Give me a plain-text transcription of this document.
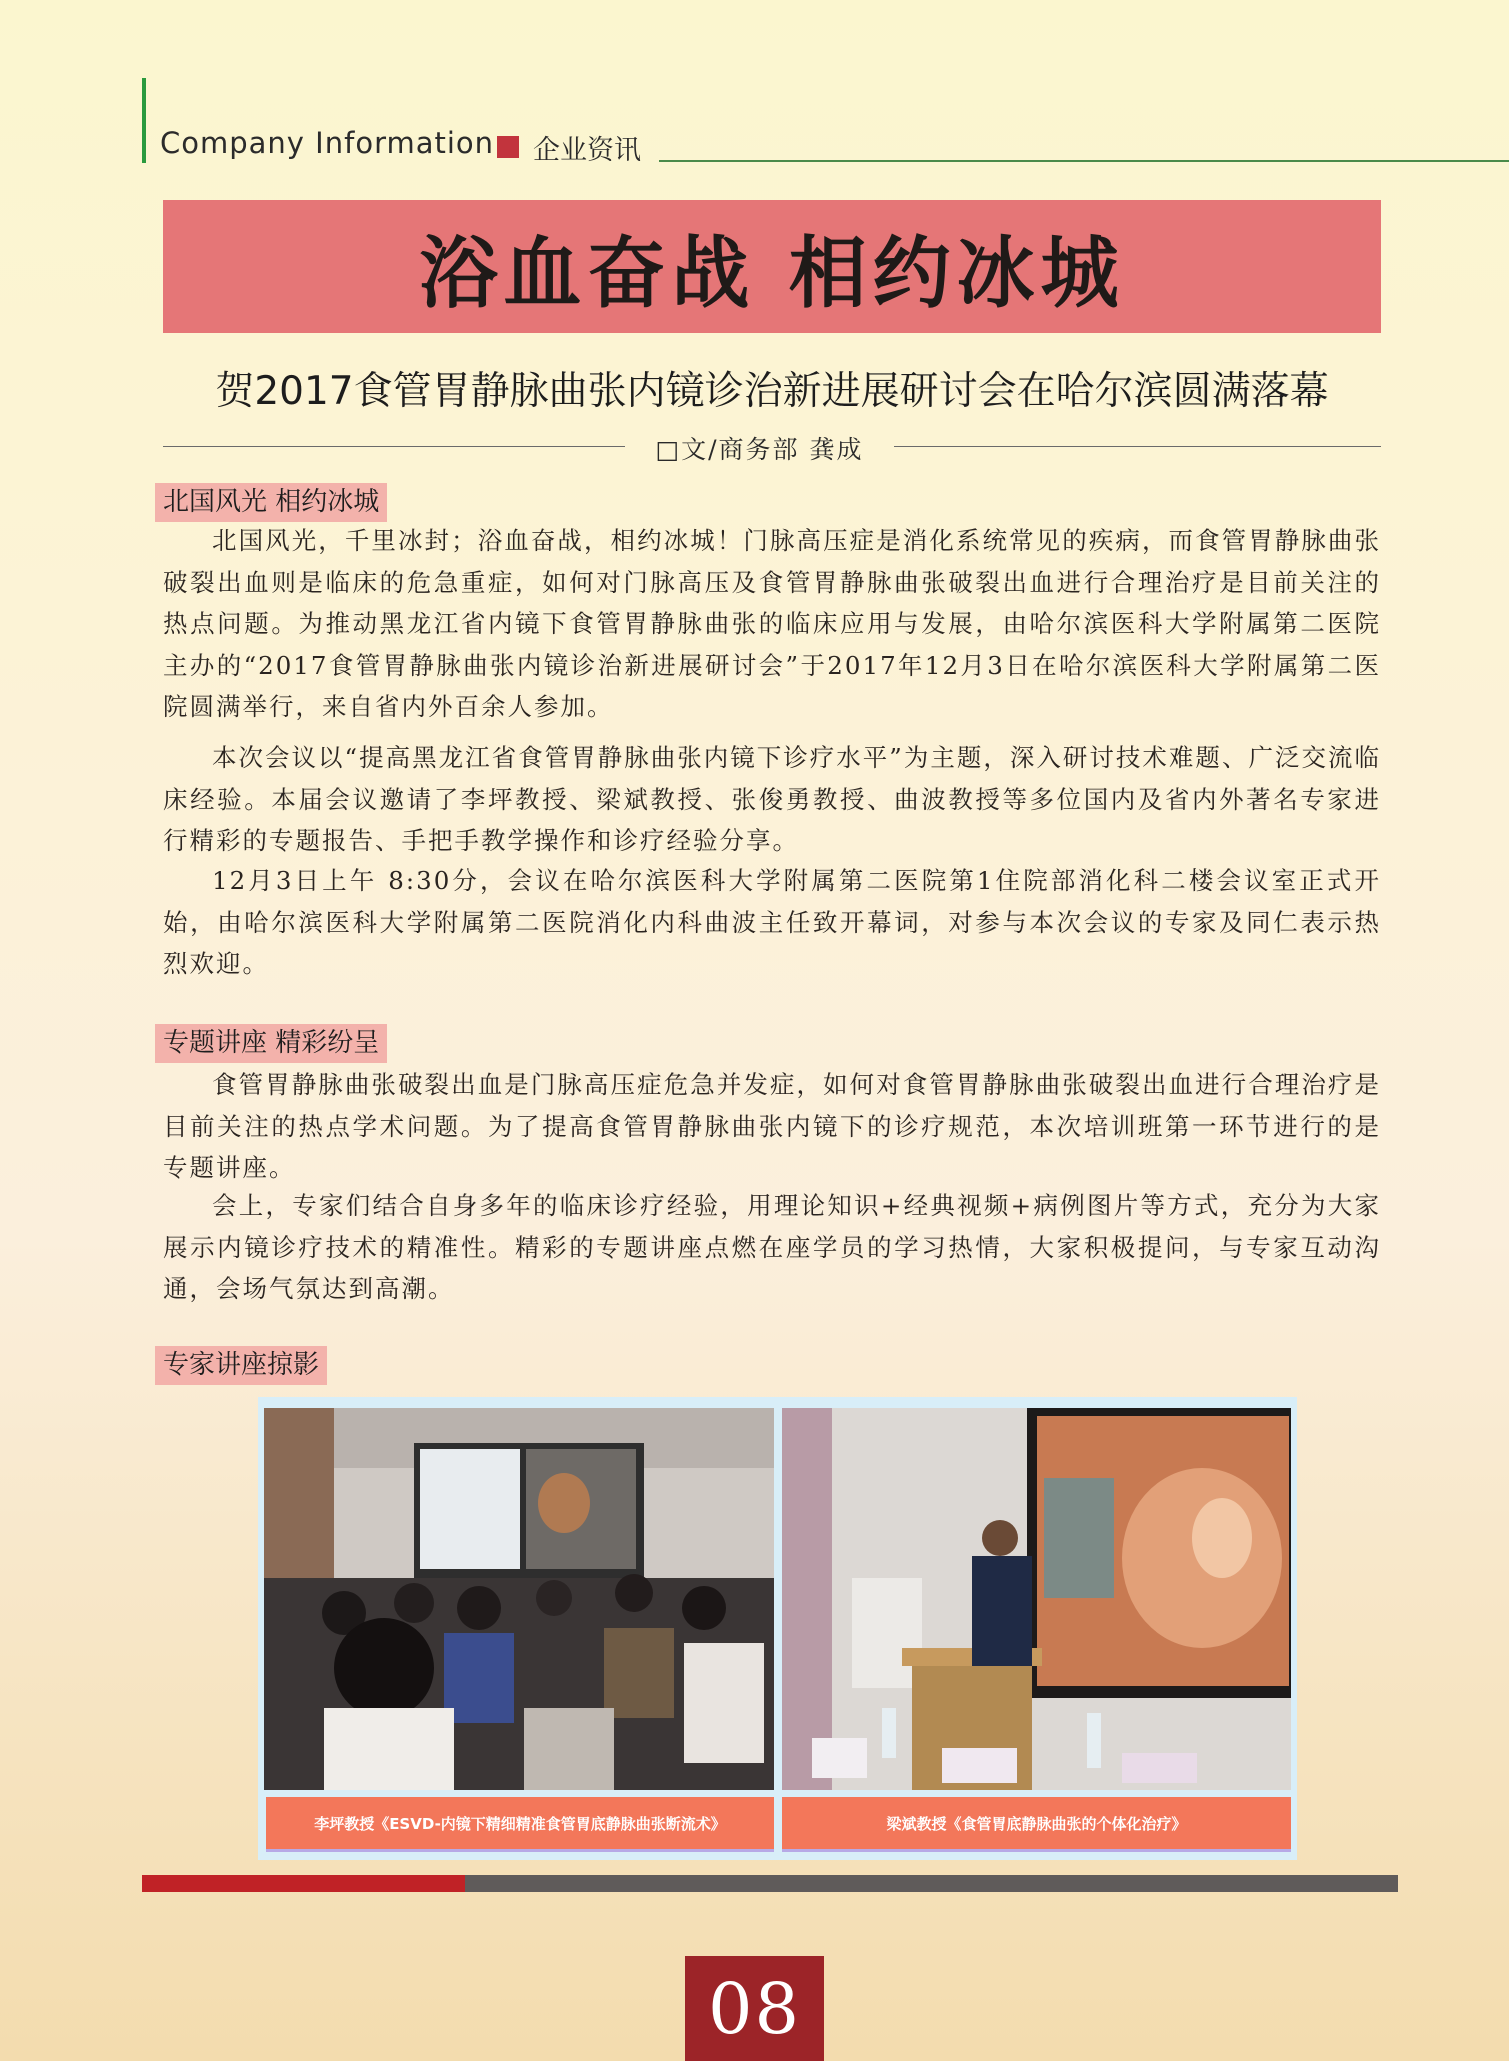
Company Information 企业资讯
浴血奋战 相约冰城
贺2017食管胃静脉曲张内镜诊治新进展研讨会在哈尔滨圆满落幕
□文/商务部 龚成
北国风光 相约冰城

北国风光，千里冰封；浴血奋战，相约冰城！门脉高压症是消化系统常见的疾病，而食管胃静脉曲张破裂出血则是临床的危急重症，如何对门脉高压及食管胃静脉曲张破裂出血进行合理治疗是目前关注的热点问题。为推动黑龙江省内镜下食管胃静脉曲张的临床应用与发展，由哈尔滨医科大学附属第二医院主办的“2017食管胃静脉曲张内镜诊治新进展研讨会”于2017年12月3日在哈尔滨医科大学附属第二医院圆满举行，来自省内外百余人参加。

本次会议以“提高黑龙江省食管胃静脉曲张内镜下诊疗水平”为主题，深入研讨技术难题、广泛交流临床经验。本届会议邀请了李坪教授、梁斌教授、张俊勇教授、曲波教授等多位国内及省内外著名专家进行精彩的专题报告、手把手教学操作和诊疗经验分享。

12月3日上午 8:30分，会议在哈尔滨医科大学附属第二医院第1住院部消化科二楼会议室正式开始，由哈尔滨医科大学附属第二医院消化内科曲波主任致开幕词，对参与本次会议的专家及同仁表示热烈欢迎。

专题讲座 精彩纷呈

食管胃静脉曲张破裂出血是门脉高压症危急并发症，如何对食管胃静脉曲张破裂出血进行合理治疗是目前关注的热点学术问题。为了提高食管胃静脉曲张内镜下的诊疗规范，本次培训班第一环节进行的是专题讲座。

会上，专家们结合自身多年的临床诊疗经验，用理论知识+经典视频+病例图片等方式，充分为大家展示内镜诊疗技术的精准性。精彩的专题讲座点燃在座学员的学习热情，大家积极提问，与专家互动沟通，会场气氛达到高潮。

专家讲座掠影
李坪教授《ESVD-内镜下精细精准食管胃底静脉曲张断流术》	梁斌教授《食管胃底静脉曲张的个体化治疗》
08
